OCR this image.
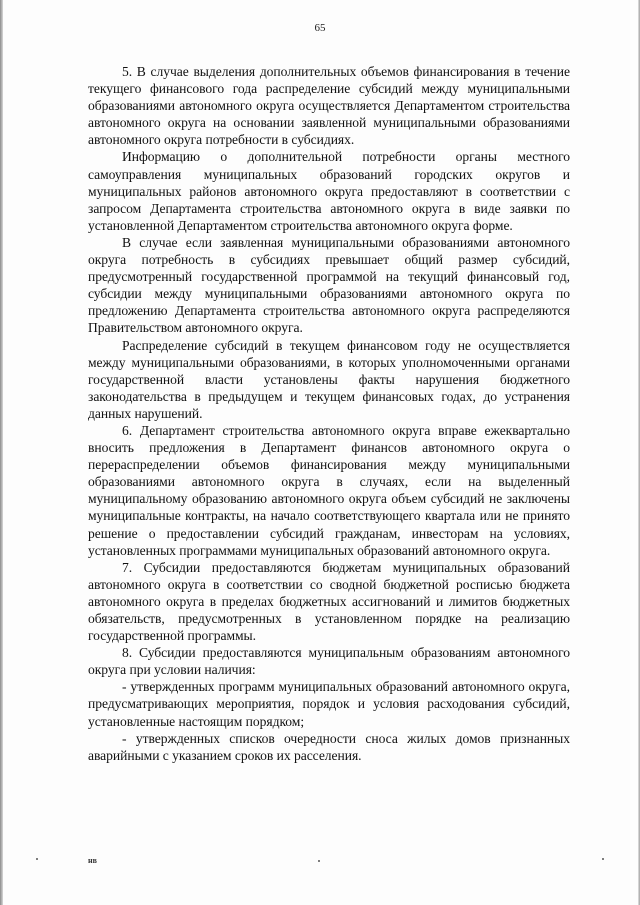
65

5. В случае выделения дополнительных объемов финансирования в течение текущего финансового года распределение субсидий между муниципальными образованиями автономного округа осуществляется Департаментом строительства автономного округа на основании заявленной муниципальными образованиями автономного округа потребности в субсидиях.

Информацию о дополнительной потребности органы местного самоуправления муниципальных образований городских округов и муниципальных районов автономного округа предоставляют в соответствии с запросом Департамента строительства автономного округа в виде заявки по установленной Департаментом строительства автономного округа форме.

В случае если заявленная муниципальными образованиями автономного округа потребность в субсидиях превышает общий размер субсидий, предусмотренный государственной программой на текущий финансовый год, субсидии между муниципальными образованиями автономного округа по предложению Департамента строительства автономного округа распределяются Правительством автономного округа.

Распределение субсидий в текущем финансовом году не осуществляется между муниципальными образованиями, в которых уполномоченными органами государственной власти установлены факты нарушения бюджетного законодательства в предыдущем и текущем финансовых годах, до устранения данных нарушений.

6. Департамент строительства автономного округа вправе ежеквартально вносить предложения в Департамент финансов автономного округа о перераспределении объемов финансирования между муниципальными образованиями автономного округа в случаях, если на выделенный муниципальному образованию автономного округа объем субсидий не заключены муниципальные контракты, на начало соответствующего квартала или не принято решение о предоставлении субсидий гражданам, инвесторам на условиях, установленных программами муниципальных образований автономного округа.

7. Субсидии предоставляются бюджетам муниципальных образований автономного округа в соответствии со сводной бюджетной росписью бюджета автономного округа в пределах бюджетных ассигнований и лимитов бюджетных обязательств, предусмотренных в установленном порядке на реализацию государственной программы.

8. Субсидии предоставляются муниципальным образованиям автономного округа при условии наличия:

- утвержденных программ муниципальных образований автономного округа, предусматривающих мероприятия, порядок и условия расходования субсидий, установленные настоящим порядком;

- утвержденных списков очередности сноса жилых домов признанных аварийными с указанием сроков их расселения.

нв
